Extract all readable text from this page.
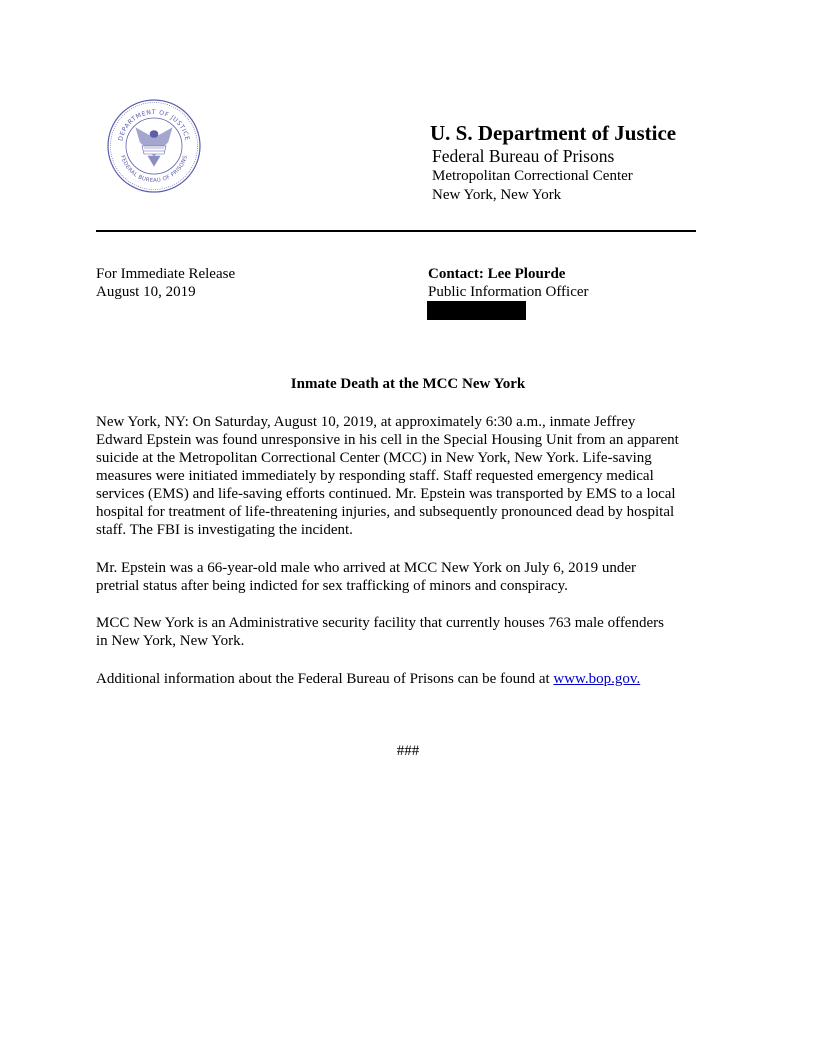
DEPARTMENT OF JUSTICE
FEDERAL BUREAU OF PRISONS
U. S. Department of Justice
Federal Bureau of Prisons
Metropolitan Correctional Center
New York, New York
For Immediate Release
August 10, 2019
Contact: Lee Plourde
Public Information Officer
Inmate Death at the MCC New York
New York, NY: On Saturday, August 10, 2019, at approximately 6:30 a.m., inmate Jeffrey
Edward Epstein was found unresponsive in his cell in the Special Housing Unit from an apparent
suicide at the Metropolitan Correctional Center (MCC) in New York, New York. Life-saving
measures were initiated immediately by responding staff. Staff requested emergency medical
services (EMS) and life-saving efforts continued. Mr. Epstein was transported by EMS to a local
hospital for treatment of life-threatening injuries, and subsequently pronounced dead by hospital
staff. The FBI is investigating the incident.
Mr. Epstein was a 66-year-old male who arrived at MCC New York on July 6, 2019 under
pretrial status after being indicted for sex trafficking of minors and conspiracy.
MCC New York is an Administrative security facility that currently houses 763 male offenders
in New York, New York.
Additional information about the Federal Bureau of Prisons can be found at www.bop.gov.
###
